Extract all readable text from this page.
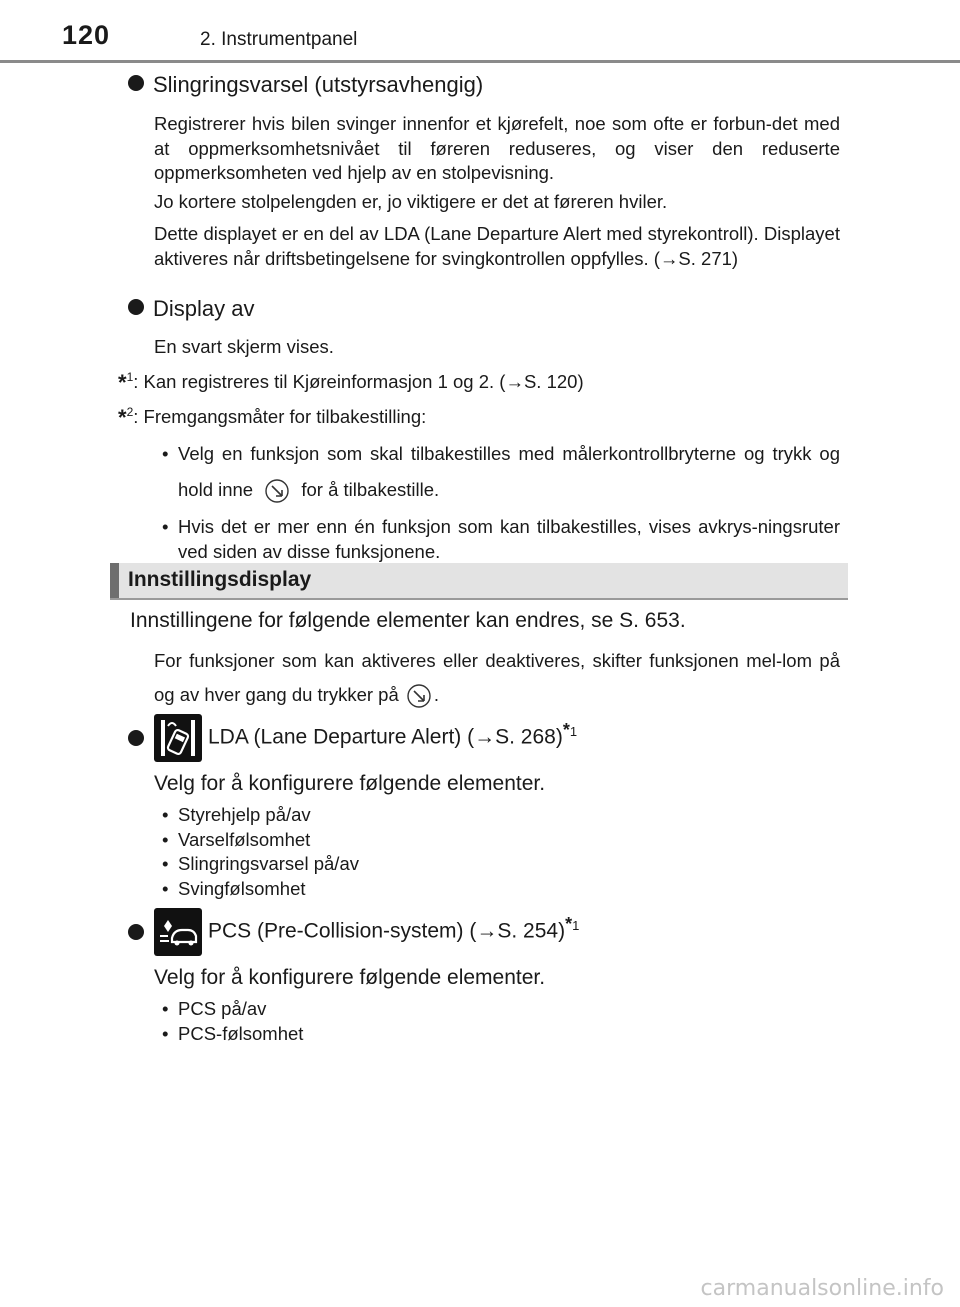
120	2. Instrumentpanel
Slingringsvarsel (utstyrsavhengig)
Registrerer hvis bilen svinger innenfor et kjørefelt, noe som ofte er forbun-det med at oppmerksomhetsnivået til føreren reduseres, og viser den reduserte oppmerksomheten ved hjelp av en stolpevisning.
Jo kortere stolpelengden er, jo viktigere er det at føreren hviler.
Dette displayet er en del av LDA (Lane Departure Alert med styrekontroll). Displayet aktiveres når driftsbetingelsene for svingkontrollen oppfylles. (→S. 271)
Display av
En svart skjerm vises.
*$^1$: Kan registreres til Kjøreinformasjon 1 og 2. (→S. 120)
*$^2$: Fremgangsmåter for tilbakestilling:
• Velg en funksjon som skal tilbakestilles med målerkontrollbryterne og trykk og hold inne	for å tilbakestille.
• Hvis det er mer enn én funksjon som kan tilbakestilles, vises avkrys-ningsruter ved siden av disse funksjonene.
Innstillingsdisplay
Innstillingene for følgende elementer kan endres, se S. 653.
For funksjoner som kan aktiveres eller deaktiveres, skifter funksjonen mel-lom på og av hver gang du trykker på .
LDA (Lane Departure Alert) (→S. 268)$^{*1}$
Velg for å konfigurere følgende elementer.
• Styrehjelp på/av
• Varselfølsomhet
• Slingringsvarsel på/av
• Svingfølsomhet
PCS (Pre-Collision-system) (→S. 254)$^{*1}$
Velg for å konfigurere følgende elementer.
• PCS på/av
• PCS-følsomhet
carmanualsonline.info
